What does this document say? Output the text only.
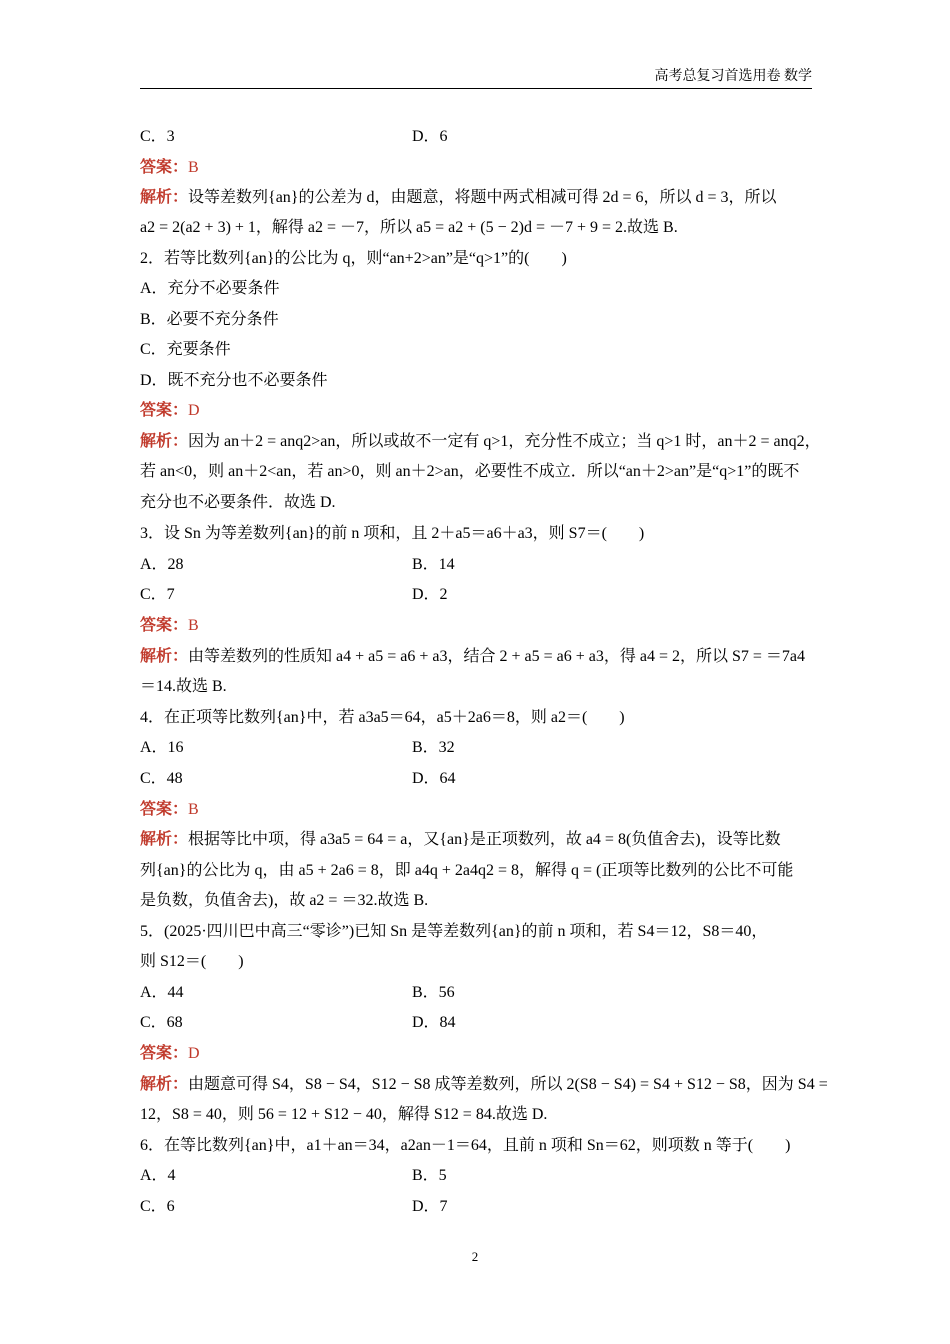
高考总复习首选用卷 数学
C．3	D．6
答案：B
解析：设等差数列{an}的公差为 d，由题意，将题中两式相减可得 2d = 6，所以 d = 3，所以
a2 = 2(a2 + 3) + 1，解得 a2 = －7，所以 a5 = a2 + (5 − 2)d = －7 + 9 = 2.故选 B.
2．若等比数列{an}的公比为 q，则“an+2>an”是“q>1”的(　　)
A．充分不必要条件
B．必要不充分条件
C．充要条件
D．既不充分也不必要条件
答案：D
解析：因为 an＋2 = anq2>an，所以或故不一定有 q>1，充分性不成立；当 q>1 时，an＋2 = anq2，
若 an<0，则 an＋2<an，若 an>0，则 an＋2>an，必要性不成立．所以“an＋2>an”是“q>1”的既不
充分也不必要条件．故选 D.
3．设 Sn 为等差数列{an}的前 n 项和，且 2＋a5＝a6＋a3，则 S7＝(　　)
A．28	B．14
C．7	D．2
答案：B
解析：由等差数列的性质知 a4 + a5 = a6 + a3，结合 2 + a5 = a6 + a3，得 a4 = 2，所以 S7 = ＝7a4
＝14.故选 B.
4．在正项等比数列{an}中，若 a3a5＝64，a5＋2a6＝8，则 a2＝(　　)
A．16	B．32
C．48	D．64
答案：B
解析：根据等比中项，得 a3a5 = 64 = a，又{an}是正项数列，故 a4 = 8(负值舍去)，设等比数
列{an}的公比为 q，由 a5 + 2a6 = 8，即 a4q + 2a4q2 = 8，解得 q = (正项等比数列的公比不可能
是负数，负值舍去)，故 a2 = ＝32.故选 B.
5．(2025·四川巴中高三“零诊”)已知 Sn 是等差数列{an}的前 n 项和，若 S4＝12，S8＝40，
则 S12＝(　　)
A．44	B．56
C．68	D．84
答案：D
解析：由题意可得 S4，S8 − S4，S12 − S8 成等差数列，所以 2(S8 − S4) = S4 + S12 − S8，因为 S4 =
12，S8 = 40，则 56 = 12 + S12 − 40，解得 S12 = 84.故选 D.
6．在等比数列{an}中，a1＋an＝34，a2an－1＝64，且前 n 项和 Sn＝62，则项数 n 等于(　　)
A．4	B．5
C．6	D．7
2
